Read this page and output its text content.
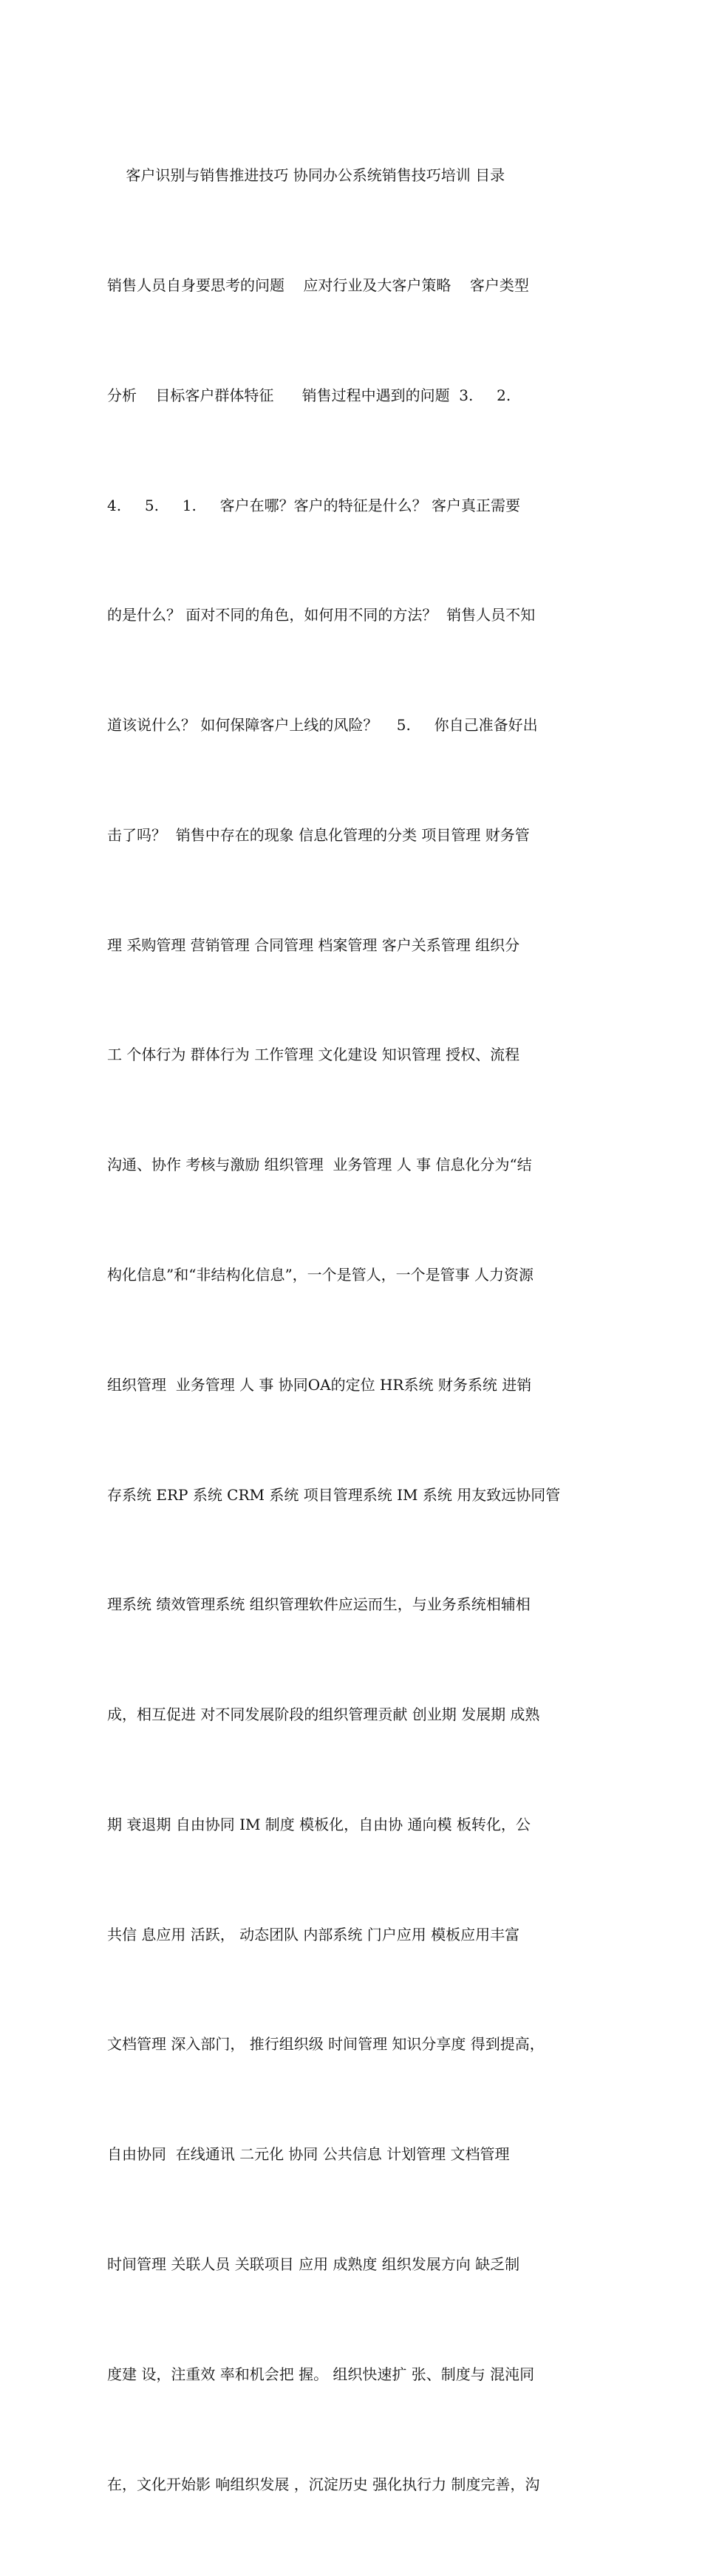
客户识别与销售推进技巧 协同办公系统销售技巧培训 目录

销售人员自身要思考的问题    应对行业及大客户策略    客户类型

分析    目标客户群体特征      销售过程中遇到的问题  3.     2.

4.     5.     1.     客户在哪？客户的特征是什么？ 客户真正需要

的是什么？ 面对不同的角色，如何用不同的方法？  销售人员不知

道该说什么？ 如何保障客户上线的风险？    5.     你自己准备好出

击了吗？  销售中存在的现象 信息化管理的分类 项目管理 财务管

理 采购管理 营销管理 合同管理 档案管理 客户关系管理 组织分

工 个体行为 群体行为 工作管理 文化建设 知识管理 授权、流程

沟通、协作 考核与激励 组织管理  业务管理 人 事 信息化分为“结

构化信息”和“非结构化信息”，一个是管人，一个是管事 人力资源

组织管理  业务管理 人 事 协同OA的定位 HR系统 财务系统 进销

存系统 ERP 系统 CRM 系统 项目管理系统 IM 系统 用友致远协同管

理系统 绩效管理系统 组织管理软件应运而生，与业务系统相辅相

成，相互促进 对不同发展阶段的组织管理贡献 创业期 发展期 成熟

期 衰退期 自由协同 IM 制度 模板化，自由协 通向模 板转化，公

共信 息应用 活跃， 动态团队 内部系统 门户应用 模板应用丰富

文档管理 深入部门， 推行组织级 时间管理 知识分享度 得到提高，

自由协同  在线通讯 二元化 协同 公共信息 计划管理 文档管理

时间管理 关联人员 关联项目 应用 成熟度 组织发展方向 缺乏制

度建 设，注重效 率和机会把 握。 组织快速扩 张、制度与 混沌同

在，文化开始影 响组织发展 ，沉淀历史 强化执行力 制度完善，沟
